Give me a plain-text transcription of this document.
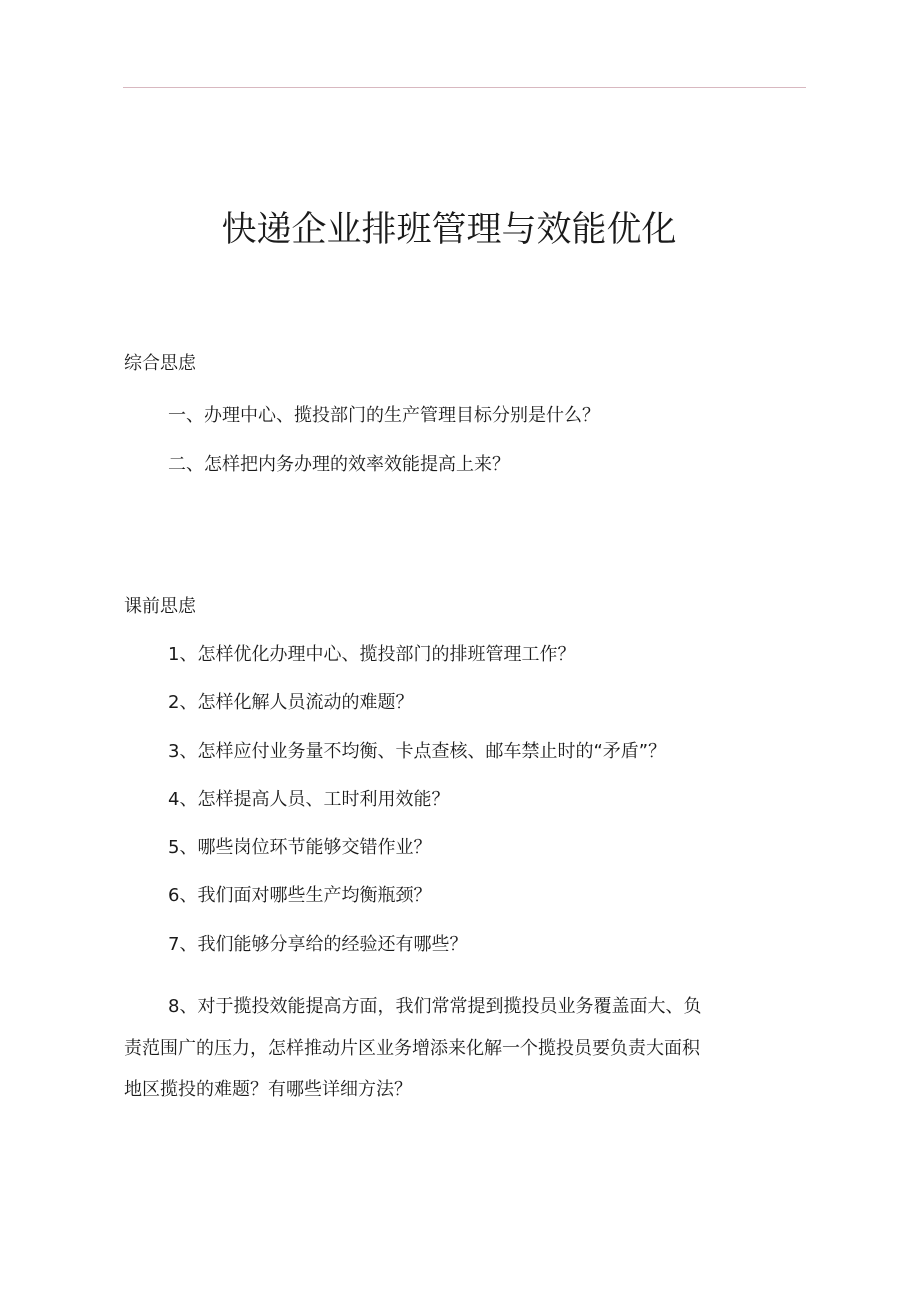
快递企业排班管理与效能优化

综合思虑

一、办理中心、揽投部门的生产管理目标分别是什么？

二、怎样把内务办理的效率效能提高上来？

课前思虑

1、怎样优化办理中心、揽投部门的排班管理工作？

2、怎样化解人员流动的难题？

3、怎样应付业务量不均衡、卡点查核、邮车禁止时的“矛盾”？

4、怎样提高人员、工时利用效能？

5、哪些岗位环节能够交错作业？

6、我们面对哪些生产均衡瓶颈？

7、我们能够分享给的经验还有哪些？

8、对于揽投效能提高方面，我们常常提到揽投员业务覆盖面大、负
责范围广的压力，怎样推动片区业务增添来化解一个揽投员要负责大面积
地区揽投的难题？有哪些详细方法？
